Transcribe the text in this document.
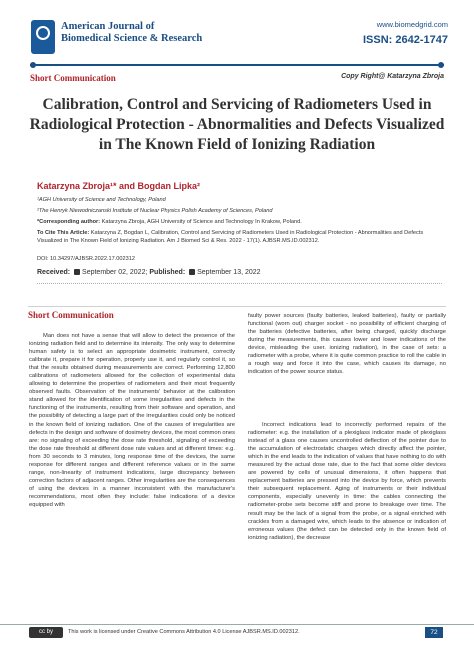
American Journal of
Biomedical Science & Research
www.biomedgrid.com
ISSN: 2642-1747
Short Communication	Copy Right@ Katarzyna Zbroja
Calibration, Control and Servicing of Radiometers Used in Radiological Protection - Abnormalities and Defects Visualized in The Known Field of Ionizing Radiation
Katarzyna Zbroja¹* and Bogdan Lipka²
¹AGH University of Science and Technology, Poland
²The Henryk Niewodniczanski Institute of Nuclear Physics Polish Academy of Sciences, Poland
*Corresponding author: Katarzyna Zbroja, AGH University of Science and Technology In Krakow, Poland.
To Cite This Article: Katarzyna Z, Bogdan L, Calibration, Control and Servicing of Radiometers Used in Radiological Protection - Abnormalities and Defects Visualized in The Known Field of Ionizing Radiation. Am J Biomed Sci & Res. 2022 - 17(1). AJBSR.MS.ID.002312.
DOI: 10.34297/AJBSR.2022.17.002312
Received: September 02, 2022; Published: September 13, 2022
Short Communication
Man does not have a sense that will allow to detect the presence of the ionizing radiation field and to determine its intensity. The only way to determine human safety is to select an appropriate dosimetric instrument, correctly calibrate it, prepare it for operation, properly use it, and regularly control it, so that the results obtained during measurements are correct. Performing 12,800 calibrations of radiometers allowed for the collection of experimental data allowing to determine the properties of radiometers and their most frequently observed faults. Observation of the instruments' behavior at the calibration stand allowed for the identification of some irregularities and defects in the functioning of the instruments, resulting from their software and operation, and the possibility of detecting a large part of the irregularities could only be noticed in the known field of ionizing radiation. One of the causes of irregularities are defects in the design and software of dosimetry devices, the most common ones are: no signaling of exceeding the dose rate threshold, signaling of exceeding the dose rate threshold at different dose rate values and at different times: e.g. from 30 seconds to 3 minutes, long response time of the devices, the same response for different ranges and different reference values or in the same range, non-linearity of instrument indications, large discrepancy between correction factors of adjacent ranges. Other irregularities are the consequences of using the devices in a manner inconsistent with the manufacturer's recommendations, most often they include: false indications of a device equipped with
faulty power sources (faulty batteries, leaked batteries), faulty or partially functional (worn out) charger socket - no possibility of efficient charging of the batteries (defective batteries, after being charged, quickly discharge during the measurements, this causes lower and lower indications of the device, misleading the user. ionizing radiation), in the case of sets: a radiometer with a probe, where it is quite common practice to roll the cable in a rough way and force it into the case, which causes its damage, no indication of the power source status.
Incorrect indications lead to incorrectly performed repairs of the radiometer: e.g. the installation of a plexiglass indicator made of plexiglass instead of a glass one causes uncontrolled deflection of the pointer due to the accumulation of electrostatic charges which directly affect the pointer, which in the end leads to the indication of values that have nothing to do with measured by the actual dose rate, due to the fact that some older devices are powered by cells of unusual dimensions, it often happens that replacement batteries are pressed into the device by force, which prevents their subsequent replacement. Aging of instruments or their individual components, especially unevenly in time: the cables connecting the radiometer-probe sets become stiff and prone to breakage over time. The result may be the lack of a signal from the probe, or a signal enriched with crackles from a damaged wire, which leads to the absence or indication of erroneous values (the defect can be detected only in the known field of ionizing radiation), the decrease
cc by	This work is licensed under Creative Commons Attribution 4.0 License AJBSR.MS.ID.002312.	72
